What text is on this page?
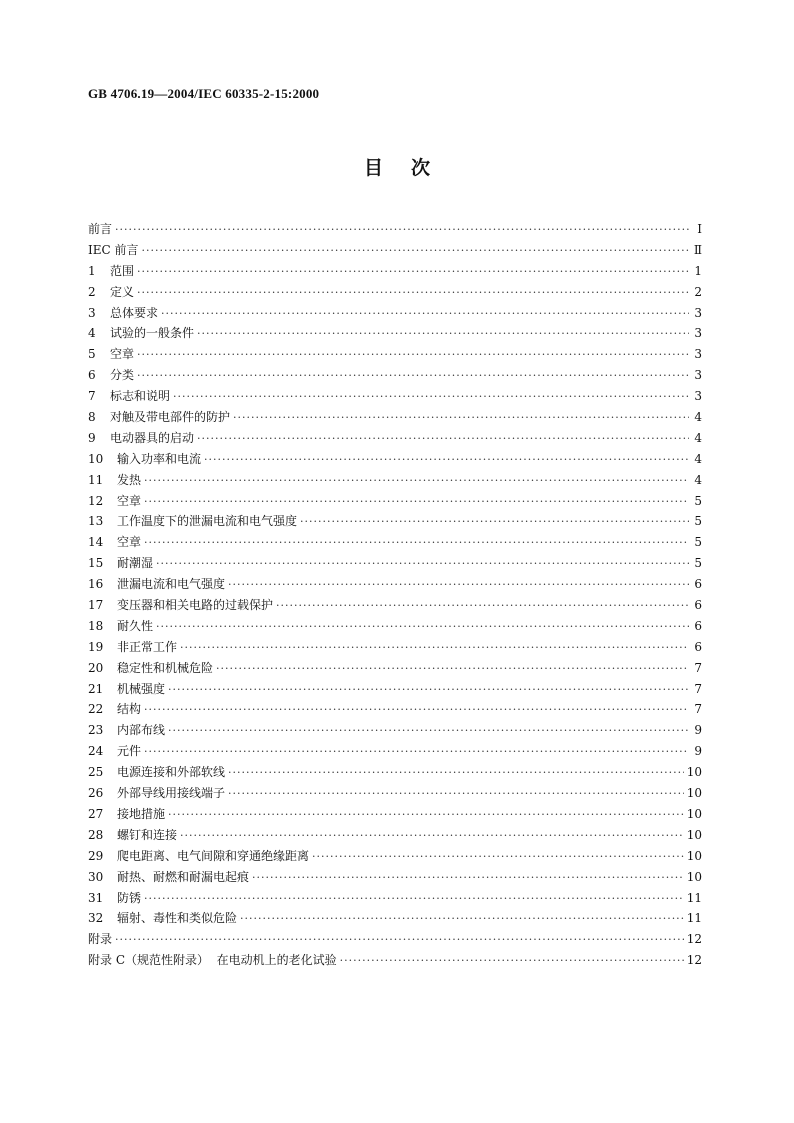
GB 4706.19—2004/IEC 60335-2-15:2000
目 次
前言 ·····	Ⅰ
IEC 前言 ·····	Ⅱ
1	范围 ·····	1
2	定义 ·····	2
3	总体要求 ·····	3
4	试验的一般条件 ·····	3
5	空章 ·····	3
6	分类 ·····	3
7	标志和说明 ·····	3
8	对触及带电部件的防护 ·····	4
9	电动器具的启动 ·····	4
10	输入功率和电流 ·····	4
11	发热 ·····	4
12	空章 ·····	5
13	工作温度下的泄漏电流和电气强度 ·····	5
14	空章 ·····	5
15	耐潮湿 ·····	5
16	泄漏电流和电气强度 ·····	6
17	变压器和相关电路的过载保护 ·····	6
18	耐久性 ·····	6
19	非正常工作 ·····	6
20	稳定性和机械危险 ·····	7
21	机械强度 ·····	7
22	结构 ·····	7
23	内部布线 ·····	9
24	元件 ·····	9
25	电源连接和外部软线 ·····	10
26	外部导线用接线端子 ·····	10
27	接地措施 ·····	10
28	螺钉和连接 ·····	10
29	爬电距离、电气间隙和穿通绝缘距离 ·····	10
30	耐热、耐燃和耐漏电起痕 ·····	10
31	防锈 ·····	11
32	辐射、毒性和类似危险 ·····	11
附录 ·····	12
附录 C（规范性附录）  在电动机上的老化试验 ·····	12
